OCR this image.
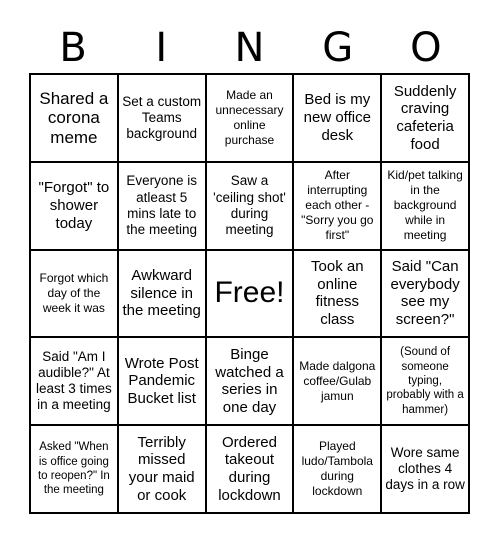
B	I	N	G	O
Shared a corona meme
Set a custom Teams background
Made an unnecessary online purchase
Bed is my new office desk
Suddenly craving cafeteria food
"Forgot" to shower today
Everyone is atleast 5 mins late to the meeting
Saw a 'ceiling shot' during meeting
After interrupting each other - "Sorry you go first"
Kid/pet talking in the background while in meeting
Forgot which day of the week it was
Awkward silence in the meeting
Free!
Took an online fitness class
Said "Can everybody see my screen?"
Said "Am I audible?" At least 3 times in a meeting
Wrote Post Pandemic Bucket list
Binge watched a series in one day
Made dalgona coffee/Gulab jamun
(Sound of someone typing, probably with a hammer)
Asked "When is office going to reopen?" In the meeting
Terribly missed your maid or cook
Ordered takeout during lockdown
Played ludo/Tambola during lockdown
Wore same clothes 4 days in a row
